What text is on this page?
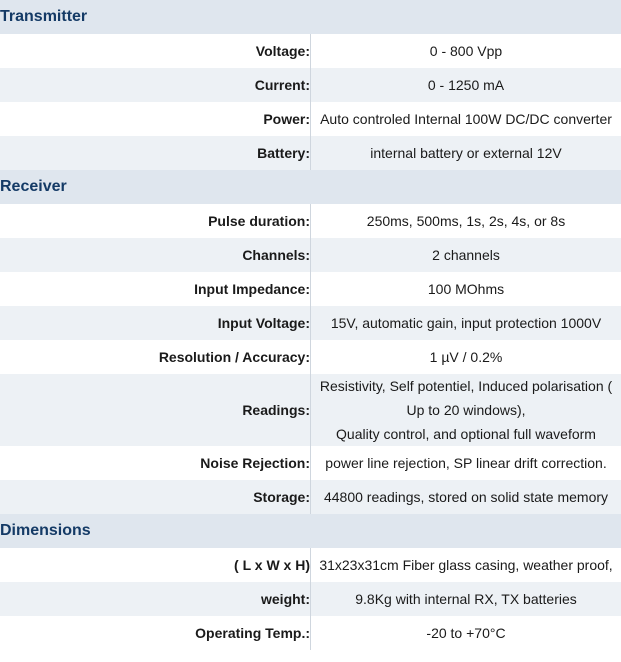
Transmitter	
Voltage:	0 - 800 Vpp
Current:	0 - 1250 mA
Power:	Auto controled Internal 100W DC/DC converter
Battery:	internal battery or external 12V
Receiver	
Pulse duration:	250ms, 500ms, 1s, 2s, 4s, or 8s
Channels:	2 channels
Input Impedance:	100 MOhms
Input Voltage:	15V, automatic gain, input protection 1000V
Resolution / Accuracy:	1 µV / 0.2%
Readings:	Resistivity, Self potentiel, Induced polarisation ( Up to 20 windows),
Quality control, and optional full waveform
Noise Rejection:	power line rejection, SP linear drift correction.
Storage:	44800 readings, stored on solid state memory
Dimensions	
( L x W x H)	31x23x31cm Fiber glass casing, weather proof,
weight:	9.8Kg with internal RX, TX batteries
Operating Temp.:	-20 to +70°C
